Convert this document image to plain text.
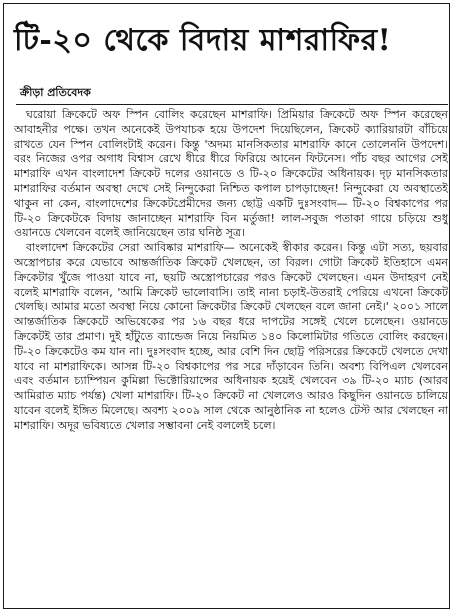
টি-২০ থেকে বিদায় মাশরাফির!
ক্রীড়া প্রতিবেদক

ঘরোয়া ক্রিকেটে অফ স্পিন বোলিং করেছেন মাশরাফি। প্রিমিয়ার ক্রিকেটে অফ স্পিন করেছেন আবাহনীর পক্ষে। তখন অনেকেই উপযাচক হয়ে উপদেশ দিয়েছিলেন, ক্রিকেট ক্যারিয়ারটা বাঁচিয়ে রাখতে যেন স্পিন বোলিংটাই করেন। কিন্তু 'অদম্য মানসিকতার মাশরাফি কানে তোলেননি উপদেশ। বরং নিজের ওপর অগাধ বিশ্বাস রেখে ধীরে ধীরে ফিরিয়ে আনেন ফিটনেস। পাঁচ বছর আগের সেই মাশরাফি এখন বাংলাদেশ ক্রিকেট দলের ওয়ানডে ও টি-২০ ক্রিকেটের অধিনায়ক। দৃঢ় মানসিকতার মাশরাফির বর্তমান অবস্থা দেখে সেই নিন্দুকেরা নিশ্চিত কপাল চাপড়াচ্ছেন! নিন্দুকেরা যে অবস্থাতেই থাকুন না কেন, বাংলাদেশের ক্রিকেটপ্রেমীদের জন্য ছোট্ট একটি দুঃসংবাদ— টি-২০ বিশ্বকাপের পর টি-২০ ক্রিকেটকে বিদায় জানাচ্ছেন মাশরাফি বিন মর্তুজা! লাল-সবুজ পতাকা গায়ে চড়িয়ে শুধু ওয়ানডে খেলবেন বলেই জানিয়েছেন তার ঘনিষ্ঠ সূত্র।

বাংলাদেশ ক্রিকেটের সেরা আবিষ্কার মাশরাফি— অনেকেই স্বীকার করেন। কিন্তু এটা সত্য, ছয়বার অস্ত্রোপচার করে যেভাবে আন্তর্জাতিক ক্রিকেট খেলছেন, তা বিরল। গোটা ক্রিকেট ইতিহাসে এমন ক্রিকেটার খুঁজে পাওয়া যাবে না, ছয়টি অস্ত্রোপচারের পরও ক্রিকেট খেলছেন। এমন উদাহরণ নেই বলেই মাশরাফি বলেন, 'আমি ক্রিকেট ভালোবাসি। তাই নানা চড়াই-উতরাই পেরিয়ে এখনো ক্রিকেট খেলছি। আমার মতো অবস্থা নিয়ে কোনো ক্রিকেটার ক্রিকেট খেলছেন বলে জানা নেই।' ২০০১ সালে আন্তর্জাতিক ক্রিকেটে অভিষেকের পর ১৬ বছর ধরে দাপটের সঙ্গেই খেলে চলেছেন। ওয়ানডে ক্রিকেটই তার প্রমাণ। দুই হাঁটুতে ব্যান্ডেজ নিয়ে নিয়মিত ১৪০ কিলোমিটার গতিতে বোলিং করছেন। টি-২০ ক্রিকেটেও কম যান না। দুঃসংবাদ হচ্ছে, আর বেশি দিন ছোট্ট পরিসরের ক্রিকেটে খেলতে দেখা যাবে না মাশরাফিকে। আসন্ন টি-২০ বিশ্বকাপের পর সরে দাঁড়াবেন তিনি। অবশ্য বিপিএল খেলবেন এবং বর্তমান চ্যাম্পিয়ন কুমিল্লা ভিক্টোরিয়ান্সের অধিনায়ক হয়েই খেলবেন ৩৯ টি-২০ ম্যাচ (আরব আমিরাত ম্যাচ পর্যন্ত) খেলা মাশরাফি। টি-২০ ক্রিকেট না খেললেও আরও কিছুদিন ওয়ানডে চালিয়ে যাবেন বলেই ইঙ্গিত মিলেছে। অবশ্য ২০০৯ সাল থেকে আনুষ্ঠানিক না হলেও টেস্ট আর খেলছেন না মাশরাফি। অদূর ভবিষ্যতে খেলার সম্ভাবনা নেই বললেই চলে।
